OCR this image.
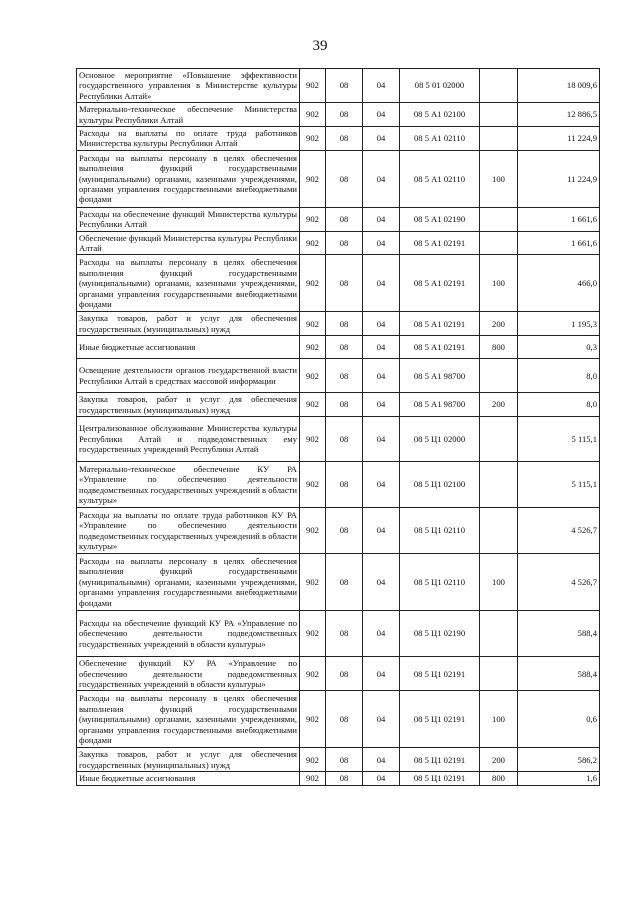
39
Основное мероприятие «Повышение эффективности государственного управления в Министерстве культуры Республики Алтай»	902	08	04	08 5 01 02000		18 009,6
Материально-техническое обеспечение Министерства культуры Республики Алтай	902	08	04	08 5 А1 02100		12 886,5
Расходы на выплаты по оплате труда работников Министерства культуры Республики Алтай	902	08	04	08 5 А1 02110		11 224,9
Расходы на выплаты персоналу в целях обеспечения выполнения функций государственными (муниципальными) органами, казенными учреждениями, органами управления государственными внебюджетными фондами	902	08	04	08 5 А1 02110	100	11 224,9
Расходы на обеспечение функций Министерства культуры Республики Алтай	902	08	04	08 5 А1 02190		1 661,6
Обеспечение функций Министерства культуры Республики Алтай	902	08	04	08 5 А1 02191		1 661,6
Расходы на выплаты персоналу в целях обеспечения выполнения функций государственными (муниципальными) органами, казенными учреждениями, органами управления государственными внебюджетными фондами	902	08	04	08 5 А1 02191	100	466,0
Закупка товаров, работ и услуг для обеспечения государственных (муниципальных) нужд	902	08	04	08 5 А1 02191	200	1 195,3
Иные бюджетные ассигнования	902	08	04	08 5 А1 02191	800	0,3
Освещение деятельности органов государственной власти Республики Алтай в средствах массовой информации	902	08	04	08 5 А1 98700		8,0
Закупка товаров, работ и услуг для обеспечения государственных (муниципальных) нужд	902	08	04	08 5 А1 98700	200	8,0
Централизованное обслуживание Министерства культуры Республики Алтай и подведомственных ему государственных учреждений Республики Алтай	902	08	04	08 5 Ц1 02000		5 115,1
Материально-техническое обеспечение КУ РА «Управление по обеспечению деятельности подведомственных государственных учреждений в области культуры»	902	08	04	08 5 Ц1 02100		5 115,1
Расходы на выплаты по оплате труда работников КУ РА «Управление по обеспечению деятельности подведомственных государственных учреждений в области культуры»	902	08	04	08 5 Ц1 02110		4 526,7
Расходы на выплаты персоналу в целях обеспечения выполнения функций государственными (муниципальными) органами, казенными учреждениями, органами управления государственными внебюджетными фондами	902	08	04	08 5 Ц1 02110	100	4 526,7
Расходы на обеспечение функций КУ РА «Управление по обеспечению деятельности подведомственных государственных учреждений в области культуры»	902	08	04	08 5 Ц1 02190		588,4
Обеспечение функций КУ РА «Управление по обеспечению деятельности подведомственных государственных учреждений в области культуры»	902	08	04	08 5 Ц1 02191		588,4
Расходы на выплаты персоналу в целях обеспечения выполнения функций государственными (муниципальными) органами, казенными учреждениями, органами управления государственными внебюджетными фондами	902	08	04	08 5 Ц1 02191	100	0,6
Закупка товаров, работ и услуг для обеспечения государственных (муниципальных) нужд	902	08	04	08 5 Ц1 02191	200	586,2
Иные бюджетные ассигнования	902	08	04	08 5 Ц1 02191	800	1,6
